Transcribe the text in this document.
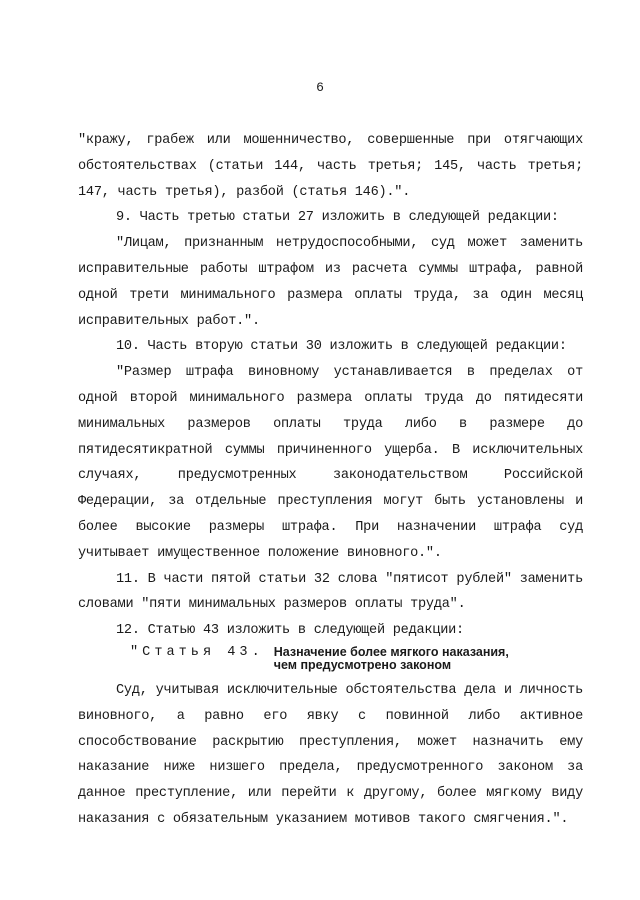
6

"кражу, грабеж или мошенничество, совершенные при отягчающих обстоятельствах (статьи 144, часть третья; 145, часть третья; 147, часть третья), разбой (статья 146).".

9. Часть третью статьи 27 изложить в следующей редакции:

"Лицам, признанным нетрудоспособными, суд может заменить исправительные работы штрафом из расчета суммы штрафа, равной одной трети минимального размера оплаты труда, за один месяц исправительных работ.".

10. Часть вторую статьи 30 изложить в следующей редакции:

"Размер штрафа виновному устанавливается в пределах от одной второй минимального размера оплаты труда до пятидесяти минимальных размеров оплаты труда либо в размере до пятидесятикратной суммы причиненного ущерба. В исключительных случаях, предусмотренных законодательством Российской Федерации, за отдельные преступления могут быть установлены и более высокие размеры штрафа. При назначении штрафа суд учитывает имущественное положение виновного.".

11. В части пятой статьи 32 слова "пятисот рублей" заменить словами "пяти минимальных размеров оплаты труда".

12. Статью 43 изложить в следующей редакции:

"Статья 43. Назначение более мягкого наказания,
чем предусмотрено законом

Суд, учитывая исключительные обстоятельства дела и личность виновного, а равно его явку с повинной либо активное способствование раскрытию преступления, может назначить ему наказание ниже низшего предела, предусмотренного законом за данное преступление, или перейти к другому, более мягкому виду наказания с обязательным указанием мотивов такого смягчения.".
